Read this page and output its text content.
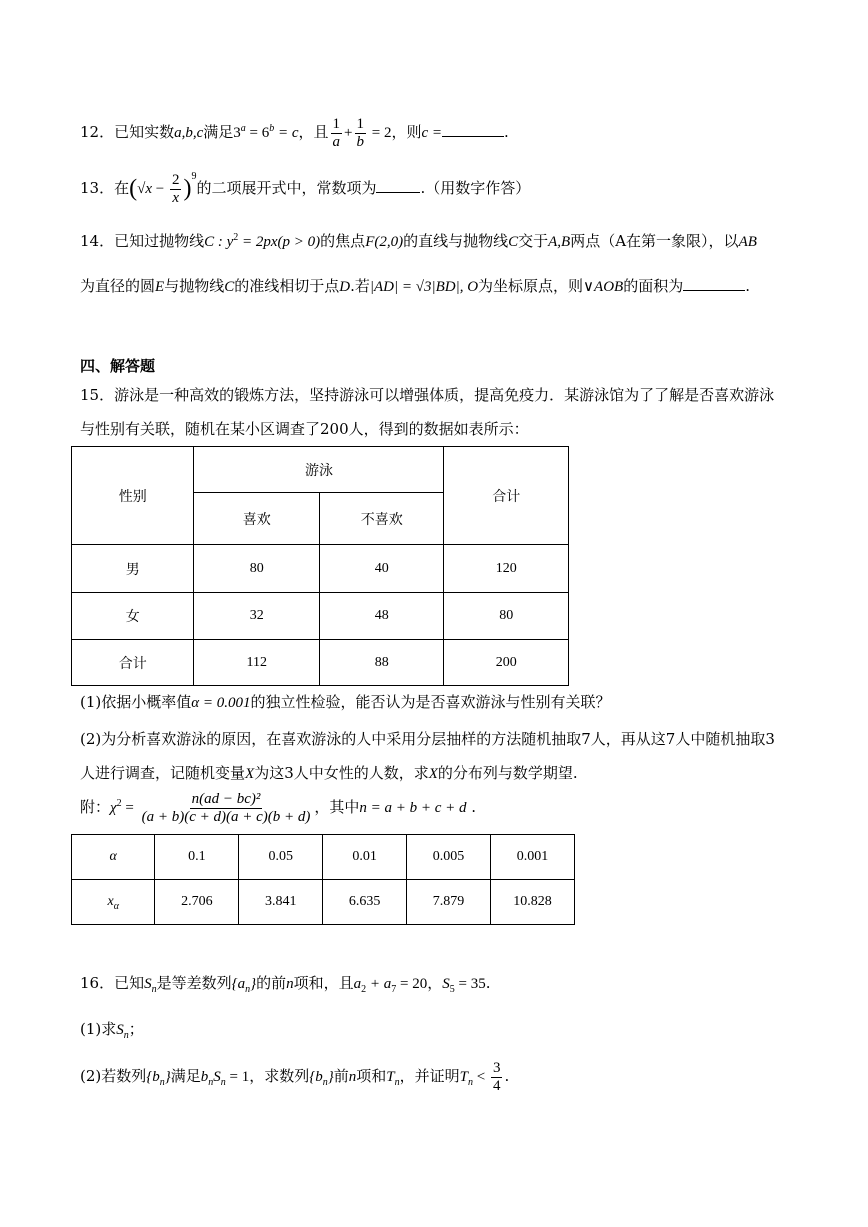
12．已知实数a,b,c满足$3^a = 6^b = c$，且 $\frac{1}{a} + \frac{1}{b} = 2$，则c =	.
13．在$(√x - \frac{2}{x} )^9$的二项展开式中，常数项为	.（用数字作答）
14．已知过抛物线C : $y^2 = 2px(p > 0)$的焦点F(2,0)的直线与抛物线C交于A,B两点（A在第一象限），以AB
为直径的圆E与抛物线C的准线相切于点D.若|AD| = √3|BD|, O为坐标原点，则∨AOB的面积为	.
四、解答题
15．游泳是一种高效的锻炼方法，坚持游泳可以增强体质，提高免疫力．某游泳馆为了了解是否喜欢游泳
与性别有关联，随机在某小区调查了200人，得到的数据如表所示：
性别	游泳		合计
	喜欢	不喜欢	
男	80	40	120
女	32	48	80
合计	112	88	200
(1)依据小概率值α = 0.001的独立性检验，能否认为是否喜欢游泳与性别有关联？
(2)为分析喜欢游泳的原因，在喜欢游泳的人中采用分层抽样的方法随机抽取7人，再从这7人中随机抽取3
人进行调查，记随机变量X为这3人中女性的人数，求X的分布列与数学期望.
附：$\chi^2 = \frac{\text{n(ad − bc)²}}{(a + b)(c + d)(a + c)(b + d)}$ ，其中n = a + b + c + d .
α	0.1	0.05	0.01	0.005	0.001
$x_\alpha$	2.706	3.841	6.635	7.879	10.828
16．已知$S_n$是等差数列$\{a_n\}$的前n项和，且$a_2 + a_7 = 20$，$S_5 = 35$.
(1)求$S_n$；
(2)若数列$\{b_n\}$满足$b_nS_n = 1$，求数列$\{b_n\}$前n项和$T_n$，并证明$T_n < \frac{3}{4}$ .
